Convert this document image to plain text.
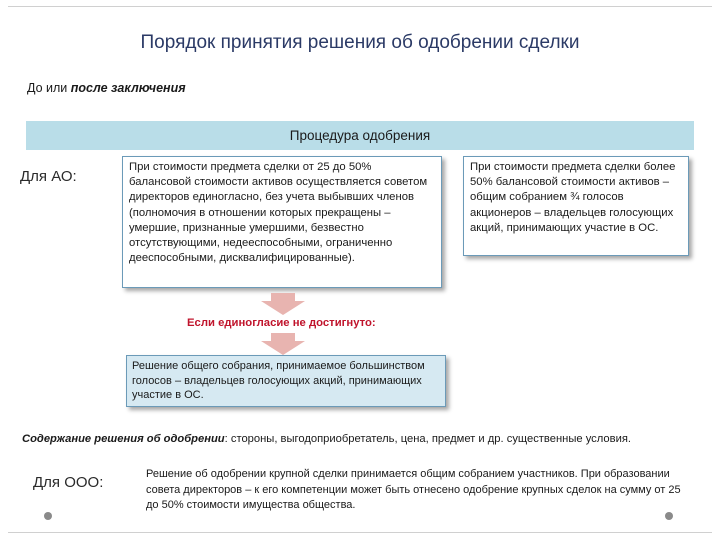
Порядок принятия решения об одобрении сделки
До или после заключения
Процедура одобрения
Для АО:
При стоимости предмета сделки от 25 до 50% балансовой стоимости активов осуществляется советом директоров единогласно, без учета выбывших членов (полномочия в отношении которых прекращены – умершие, признанные умершими, безвестно отсутствующими, недееспособными, ограниченно дееспособными, дисквалифицированные).
При стоимости предмета сделки более 50% балансовой стоимости активов – общим собранием ¾ голосов акционеров – владельцев голосующих акций, принимающих участие в ОС.
Если единогласие не достигнуто:
Решение общего собрания, принимаемое большинством голосов – владельцев голосующих акций, принимающих участие в ОС.
Содержание решения об одобрении: стороны, выгодоприобретатель, цена, предмет и др. существенные условия.
Для ООО:	Решение об одобрении крупной сделки принимается общим собранием участников. При образовании совета директоров – к его компетенции может быть отнесено одобрение крупных сделок на сумму от 25 до 50% стоимости имущества общества.
